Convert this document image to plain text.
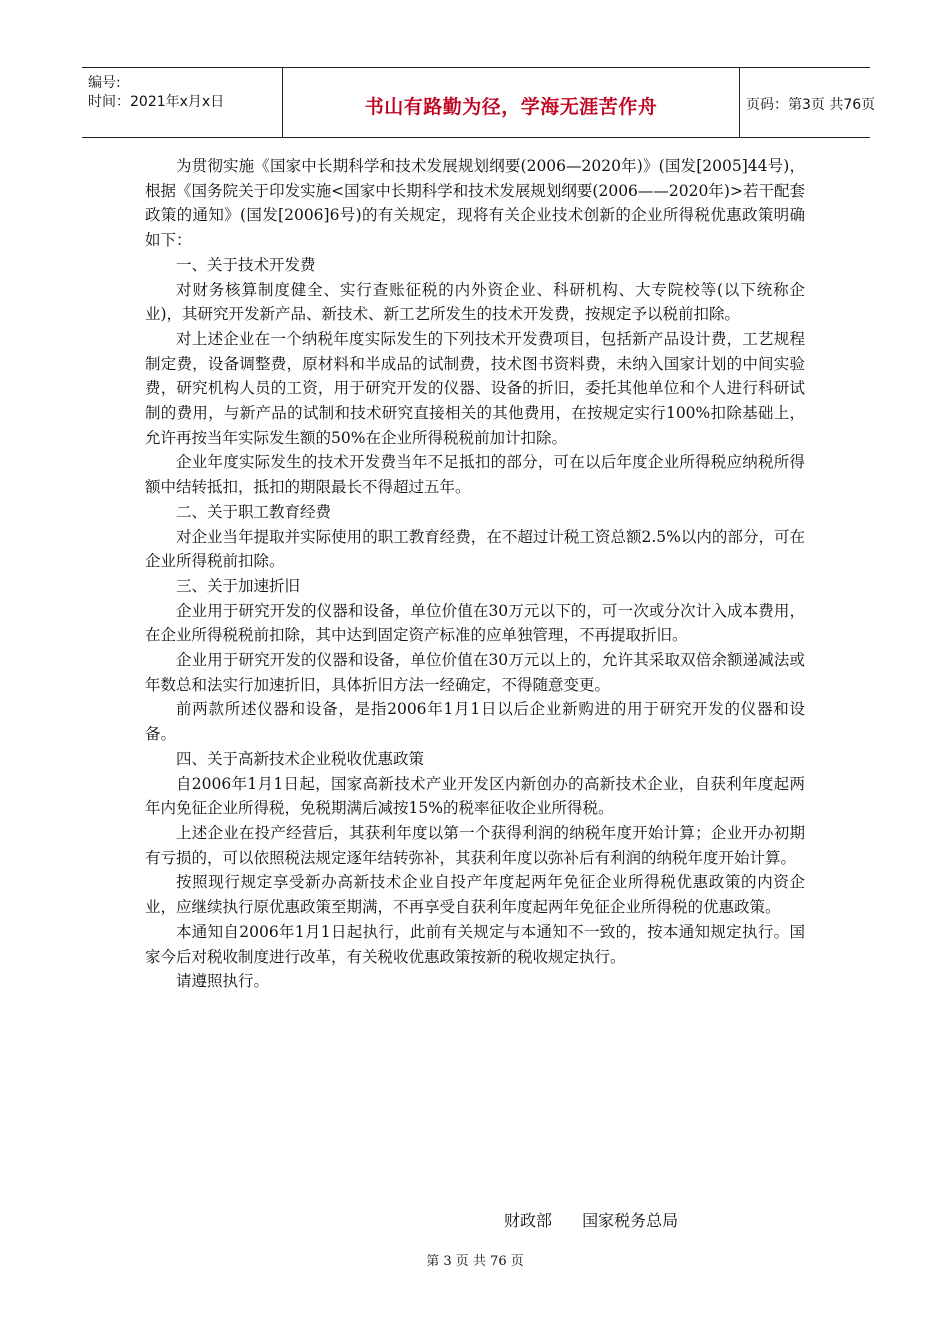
编号:
时间：2021年x月x日	书山有路勤为径，学海无涯苦作舟	页码：第3页 共76页

为贯彻实施《国家中长期科学和技术发展规划纲要(2006—2020年)》(国发[2005]44号)，根据《国务院关于印发实施<国家中长期科学和技术发展规划纲要(2006——2020年)>若干配套政策的通知》(国发[2006]6号)的有关规定，现将有关企业技术创新的企业所得税优惠政策明确如下：

一、关于技术开发费

对财务核算制度健全、实行查账征税的内外资企业、科研机构、大专院校等(以下统称企业)，其研究开发新产品、新技术、新工艺所发生的技术开发费，按规定予以税前扣除。

对上述企业在一个纳税年度实际发生的下列技术开发费项目，包括新产品设计费，工艺规程制定费，设备调整费，原材料和半成品的试制费，技术图书资料费，未纳入国家计划的中间实验费，研究机构人员的工资，用于研究开发的仪器、设备的折旧，委托其他单位和个人进行科研试制的费用，与新产品的试制和技术研究直接相关的其他费用，在按规定实行100%扣除基础上，允许再按当年实际发生额的50%在企业所得税税前加计扣除。

企业年度实际发生的技术开发费当年不足抵扣的部分，可在以后年度企业所得税应纳税所得额中结转抵扣，抵扣的期限最长不得超过五年。

二、关于职工教育经费

对企业当年提取并实际使用的职工教育经费，在不超过计税工资总额2.5%以内的部分，可在企业所得税前扣除。

三、关于加速折旧

企业用于研究开发的仪器和设备，单位价值在30万元以下的，可一次或分次计入成本费用，在企业所得税税前扣除，其中达到固定资产标准的应单独管理，不再提取折旧。

企业用于研究开发的仪器和设备，单位价值在30万元以上的，允许其采取双倍余额递减法或年数总和法实行加速折旧，具体折旧方法一经确定，不得随意变更。

前两款所述仪器和设备，是指2006年1月1日以后企业新购进的用于研究开发的仪器和设备。

四、关于高新技术企业税收优惠政策

自2006年1月1日起，国家高新技术产业开发区内新创办的高新技术企业，自获利年度起两年内免征企业所得税，免税期满后减按15%的税率征收企业所得税。

上述企业在投产经营后，其获利年度以第一个获得利润的纳税年度开始计算；企业开办初期有亏损的，可以依照税法规定逐年结转弥补，其获利年度以弥补后有利润的纳税年度开始计算。

按照现行规定享受新办高新技术企业自投产年度起两年免征企业所得税优惠政策的内资企业，应继续执行原优惠政策至期满，不再享受自获利年度起两年免征企业所得税的优惠政策。

本通知自2006年1月1日起执行，此前有关规定与本通知不一致的，按本通知规定执行。国家今后对税收制度进行改革，有关税收优惠政策按新的税收规定执行。

请遵照执行。

财政部  国家税务总局
第 3 页 共 76 页
